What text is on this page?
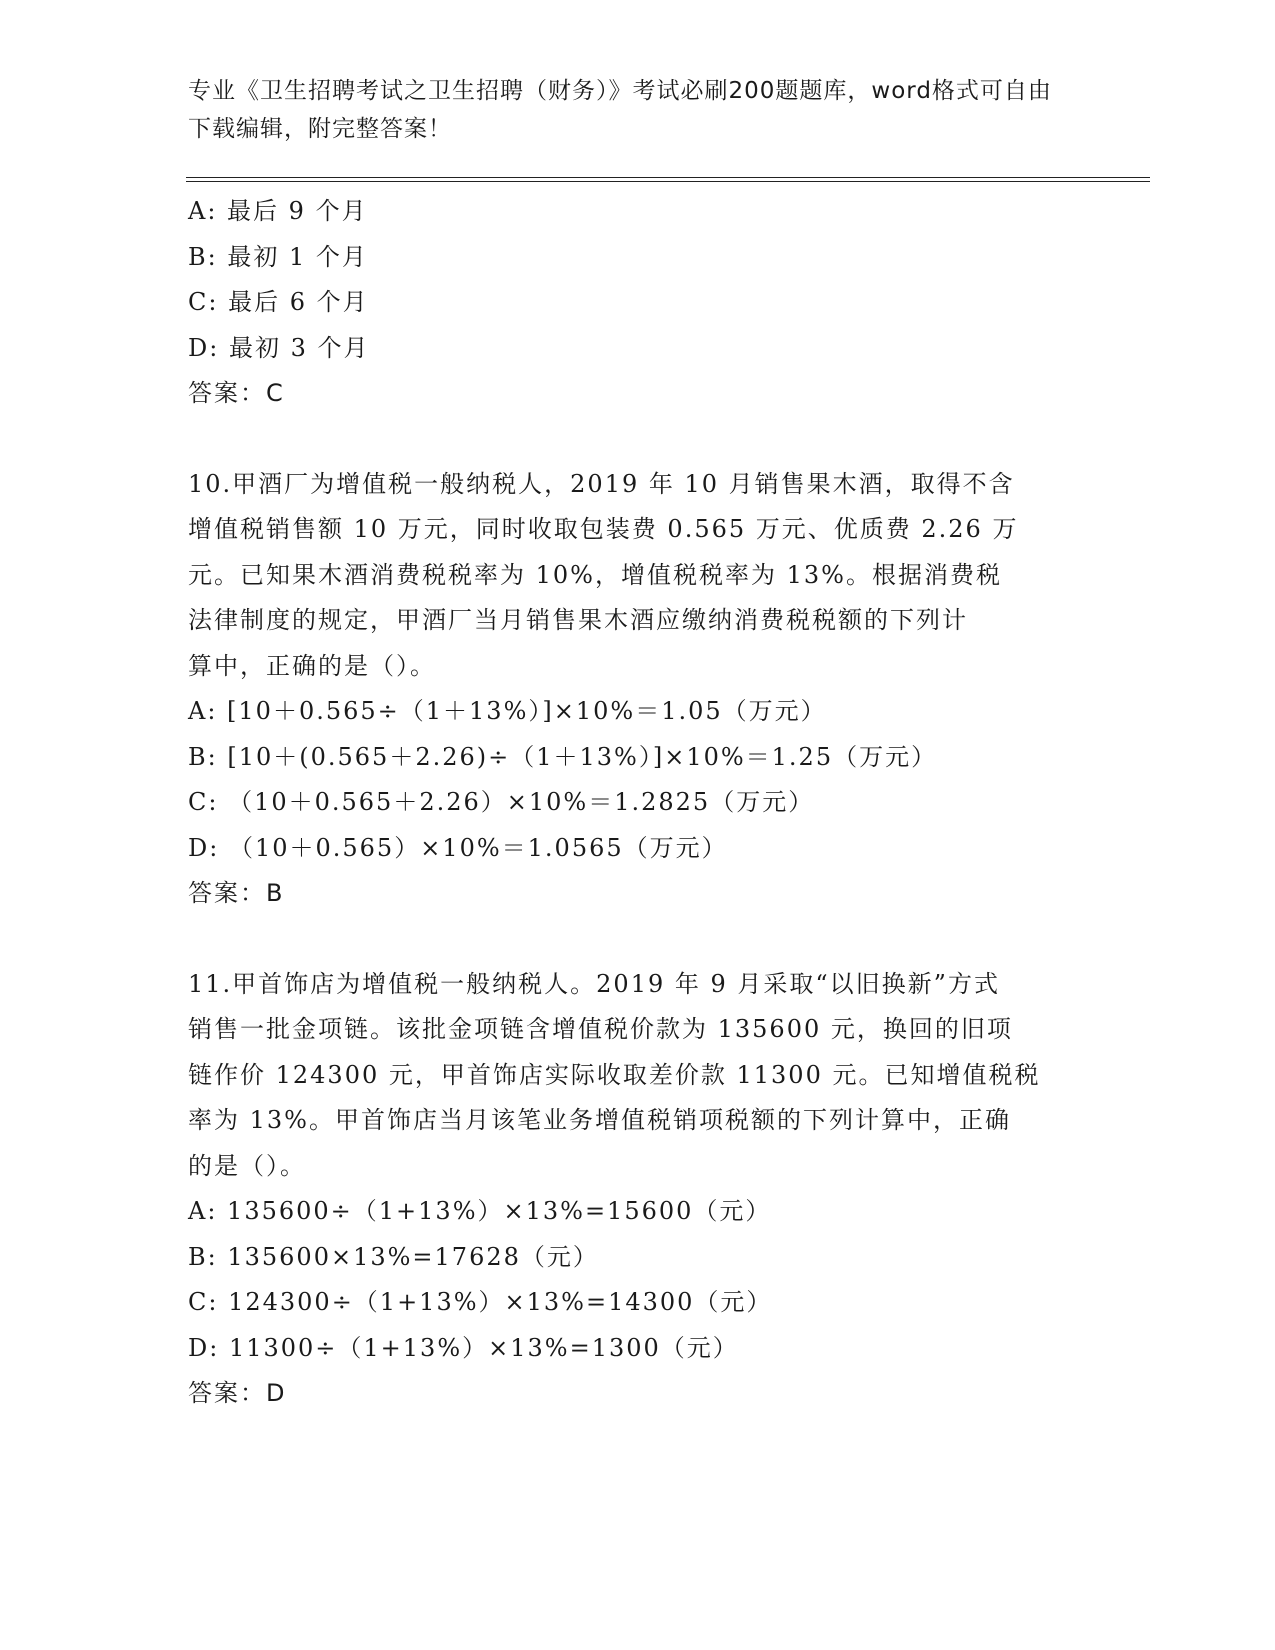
专业《卫生招聘考试之卫生招聘（财务）》考试必刷200题题库，word格式可自由下载编辑，附完整答案！
A: 最后 9 个月
B: 最初 1 个月
C: 最后 6 个月
D: 最初 3 个月
答案：C
10.甲酒厂为增值税一般纳税人，2019 年 10 月销售果木酒，取得不含
增值税销售额 10 万元，同时收取包装费 0.565 万元、优质费 2.26 万
元。已知果木酒消费税税率为 10%，增值税税率为 13%。根据消费税
法律制度的规定，甲酒厂当月销售果木酒应缴纳消费税税额的下列计
算中，正确的是（）。
A: [10＋0.565÷（1＋13%）]×10%＝1.05（万元）
B: [10＋(0.565＋2.26)÷（1＋13%）]×10%＝1.25（万元）
C: （10＋0.565＋2.26）×10%＝1.2825（万元）
D: （10＋0.565）×10%＝1.0565（万元）
答案：B
11.甲首饰店为增值税一般纳税人。2019 年 9 月采取“以旧换新”方式
销售一批金项链。该批金项链含增值税价款为 135600 元，换回的旧项
链作价 124300 元，甲首饰店实际收取差价款 11300 元。已知增值税税
率为 13%。甲首饰店当月该笔业务增值税销项税额的下列计算中，正确
的是（）。
A: 135600÷（1+13%）×13%=15600（元）
B: 135600×13%=17628（元）
C: 124300÷（1+13%）×13%=14300（元）
D: 11300÷（1+13%）×13%=1300（元）
答案：D
